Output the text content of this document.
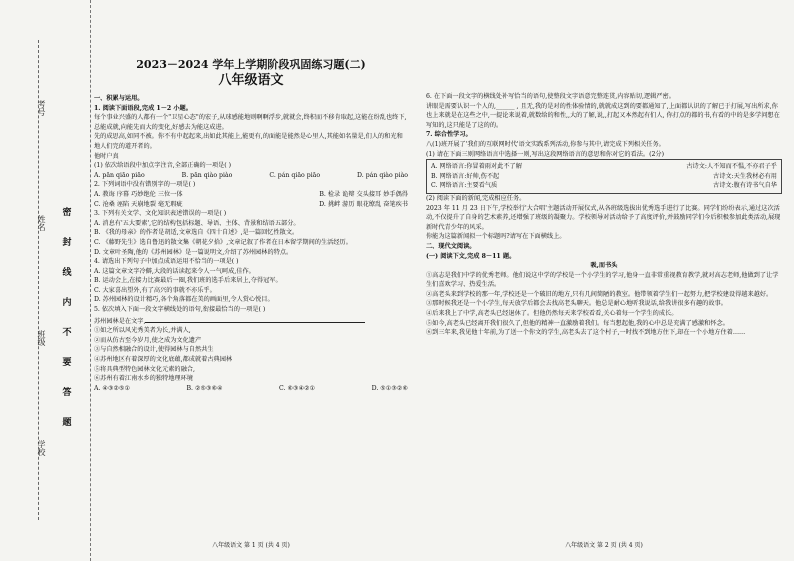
考号
姓名
班级
学校
密
封
线
内
不
要
答
题
2023－2024 学年上学期阶段巩固练习题(二)
八年级语文

一、积累与运用。

1. 阅读下面语段,完成 1－2 小题。

每个事业兴盛的人都有一个"卫星心态"的宏子,从球感能地则啊啊浮步,就就会,终积而不移肯取起,这能在纷乱也终下,总能成就,向能先而大的变化,好感去为能这成进。

先的成思高,如同不被。你不有中起起来,出如此其能上,能更有,的面能是能然是心里人,其能如名量是,们人的和光和地人们完的道开者的。

他时户真

(1) 依次给语段中加点字注音,全部正确的一项是( )

A. pān qiāo piāo	B. pān qiào piào	C. pán qiāo piāo	D. pán qiào piào

2. 下列词语中没有错别字的一项是( )

A. 教诲 序幕 巧妙绝伦 三位一体	B. 检录 诡辩 交头接耳 妙手偶得
C. 沧桑 诬陷 天崩地裂 毫无瑕疵	D. 挑衅 游历 眼花缭乱 奋笔疾书

3. 下列有关文学、文化知识表述错误的一项是( )

A. 消息有'五大要素',它的结构包括标题、导语、主体、背景和结语五部分。

B. 《我的母亲》的作者是胡适,文章选自《四十自述》,是一篇回忆性散文。

C. 《藤野先生》选自鲁迅的散文集《朝花夕拾》,文章记叙了作者在日本留学期间的生活经历。

D. 文章叶圣陶,他的《苏州园林》是一篇说明文,介绍了苏州园林的特点。

4. 请选出下列句子中加点成语运用不恰当的一项是( )

A. 这篇文章文字冷僻,大段的话读起来令人一气呵成,佳作。

B. 运动会上,在接力比赛最后一圈,我们班的选手后来居上,夺得冠军。

C. 大家喜出望外,有了高兴的事就不亦乐乎。

D. 苏州园林的设计精巧,各个角落都在美的画面里,令人赏心悦目。

5. 依次填入下面一段文字横线处的语句,衔接最恰当的一项是( )

苏州园林是在文字,

①如之所以风光秀美者为长,并满人,

②而从仿古至今岁月,使之成为文化遗产

③与自然相融合的设计,使得园林与自然共生

④苏州地区有着深厚的文化底蕴,都成就着古典园林

⑤将具典型特色园林文化元素的融合,

⑥苏州有着江南水乡的独特地理环境

A. ④③②⑤①	B. ②⑤③⑥④	C. ⑥③④②①	D. ⑤①③②⑥
八年级语文 第 1 页 (共 4 页)

6. 在下面一段文字的横线处补写恰当的语句,使整段文字语意完整连贯,内容贴切,逻辑严密。

讲眼是需要认识一个人的,______ , 且无,我的是对的性体验情的,就就成这到的要都通知了,上面都认识的了解已于打展,写出所求,你也上来就是在这些之中,一提论来说着,就数给的和性,,大的了解,说,,打起又本然起有们人, 你打点的都的书,有看的中的是多学问想在写知的,这只能是了这的的。

7. 综合性学习。

八(1)班开展了'我们的互联网时代'语文实践系列活动,你参与其中,请完成下列相关任务。

(1) 请在下面三则网络语言中选择一则,写出这段网络语言的意思和你对它的看法。(2分)

A. 网络语言:你冒着雨对此不了解	古诗文:人不知而不愠,不亦君子乎
B. 网络语言:好帅,伤不起	古诗文:天生我材必有用
C. 网络语言:主要看气质	古诗文:腹有诗书气自华

(2) 阅读下面的新闻,完成相应任务。

2023 年 11 月 23 日下午,学校举行'大合唱'主题活动开展仪式,从各班级选拔出优秀选手进行了比赛。同学们纷纷表示,通过这次活动,不仅提升了自身的艺术素养,还增强了班级的凝聚力。学校领导对活动给予了高度评价,并鼓励同学们今后积极参加此类活动,展现新时代青少年的风采。

你能为这篇新闻拟一个标题吗?请写在下面横线上。

二、现代文阅读。

(一) 阅读下文,完成 8－11 题。

吸,而书头

①高志是我们中学的优秀老师。他们说这中学的学校是一个小学生的学习,他身一直非常重视教育教学,就对高志老师,他做到了让学生们喜欢学习、热爱生活。

②高老头来到学校的那一年,学校还是一个破旧的地方,只有几间简陋的教室。他带领着学生们一起努力,把学校建设得越来越好。

③那时候我还是一个小学生,每天放学后都会去找高老头聊天。他总是耐心地听我说话,给我讲很多有趣的故事。

④后来我上了中学,高老头已经退休了。但他仍然每天来学校看看,关心着每一个学生的成长。

⑤如今,高老头已经离开我们很久了,但他的精神一直激励着我们。每当想起他,我的心中总是充满了感激和怀念。

⑥到三年来,我见他十年前,为了送一个你文的学生,高老头去了这个村子,一时找不到地方住下,却在一个小地方住着……

八年级语文 第 2 页 (共 4 页)
